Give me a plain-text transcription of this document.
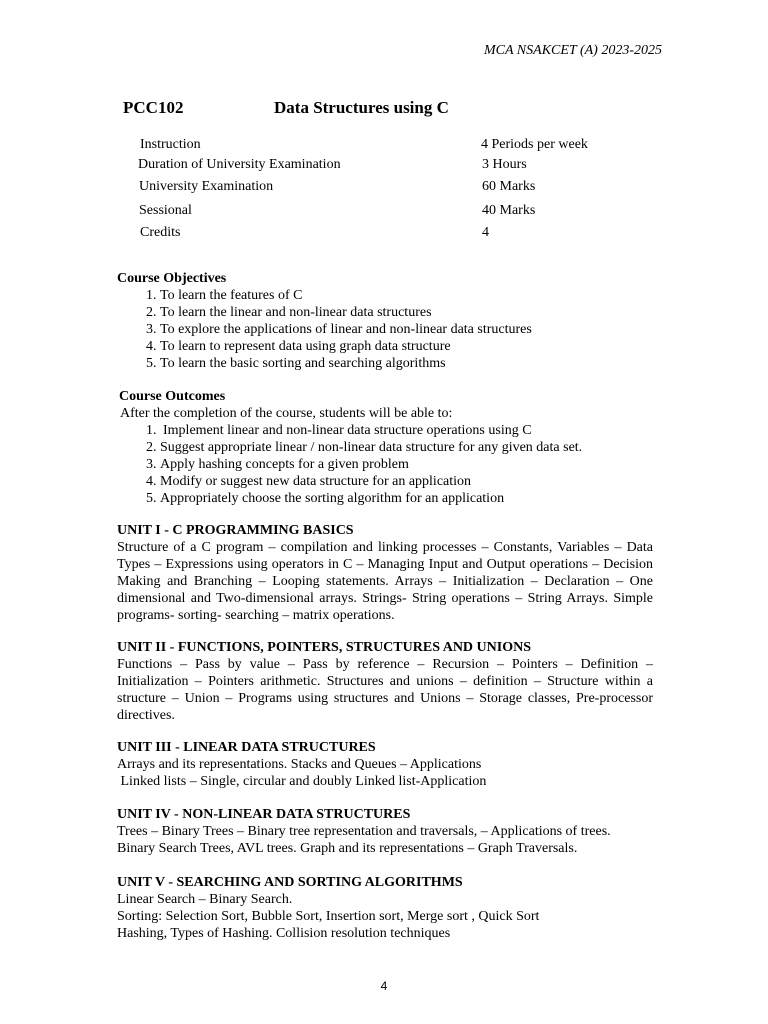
MCA NSAKCET (A) 2023-2025
PCC102	Data Structures using C
Instruction	4 Periods per week
Duration of University Examination	3 Hours
University Examination	60 Marks
Sessional	40 Marks
Credits	4
Course Objectives
1. To learn the features of C
2. To learn the linear and non-linear data structures
3. To explore the applications of linear and non-linear data structures
4. To learn to represent data using graph data structure
5. To learn the basic sorting and searching algorithms
Course Outcomes
After the completion of the course, students will be able to:
1. Implement linear and non-linear data structure operations using C
2. Suggest appropriate linear / non-linear data structure for any given data set.
3. Apply hashing concepts for a given problem
4. Modify or suggest new data structure for an application
5. Appropriately choose the sorting algorithm for an application
UNIT I - C PROGRAMMING BASICS
Structure of a C program – compilation and linking processes – Constants, Variables – Data Types – Expressions using operators in C – Managing Input and Output operations – Decision Making and Branching – Looping statements. Arrays – Initialization – Declaration – One dimensional and Two-dimensional arrays. Strings- String operations – String Arrays. Simple programs- sorting- searching – matrix operations.
UNIT II - FUNCTIONS, POINTERS, STRUCTURES AND UNIONS
Functions – Pass by value – Pass by reference – Recursion – Pointers – Definition – Initialization – Pointers arithmetic. Structures and unions – definition – Structure within a structure – Union – Programs using structures and Unions – Storage classes, Pre-processor directives.
UNIT III - LINEAR DATA STRUCTURES
Arrays and its representations. Stacks and Queues – Applications
Linked lists – Single, circular and doubly Linked list-Application
UNIT IV - NON-LINEAR DATA STRUCTURES
Trees – Binary Trees – Binary tree representation and traversals, – Applications of trees.
Binary Search Trees, AVL trees. Graph and its representations – Graph Traversals.
UNIT V - SEARCHING AND SORTING ALGORITHMS
Linear Search – Binary Search.
Sorting: Selection Sort, Bubble Sort, Insertion sort, Merge sort , Quick Sort
Hashing, Types of Hashing. Collision resolution techniques
4
